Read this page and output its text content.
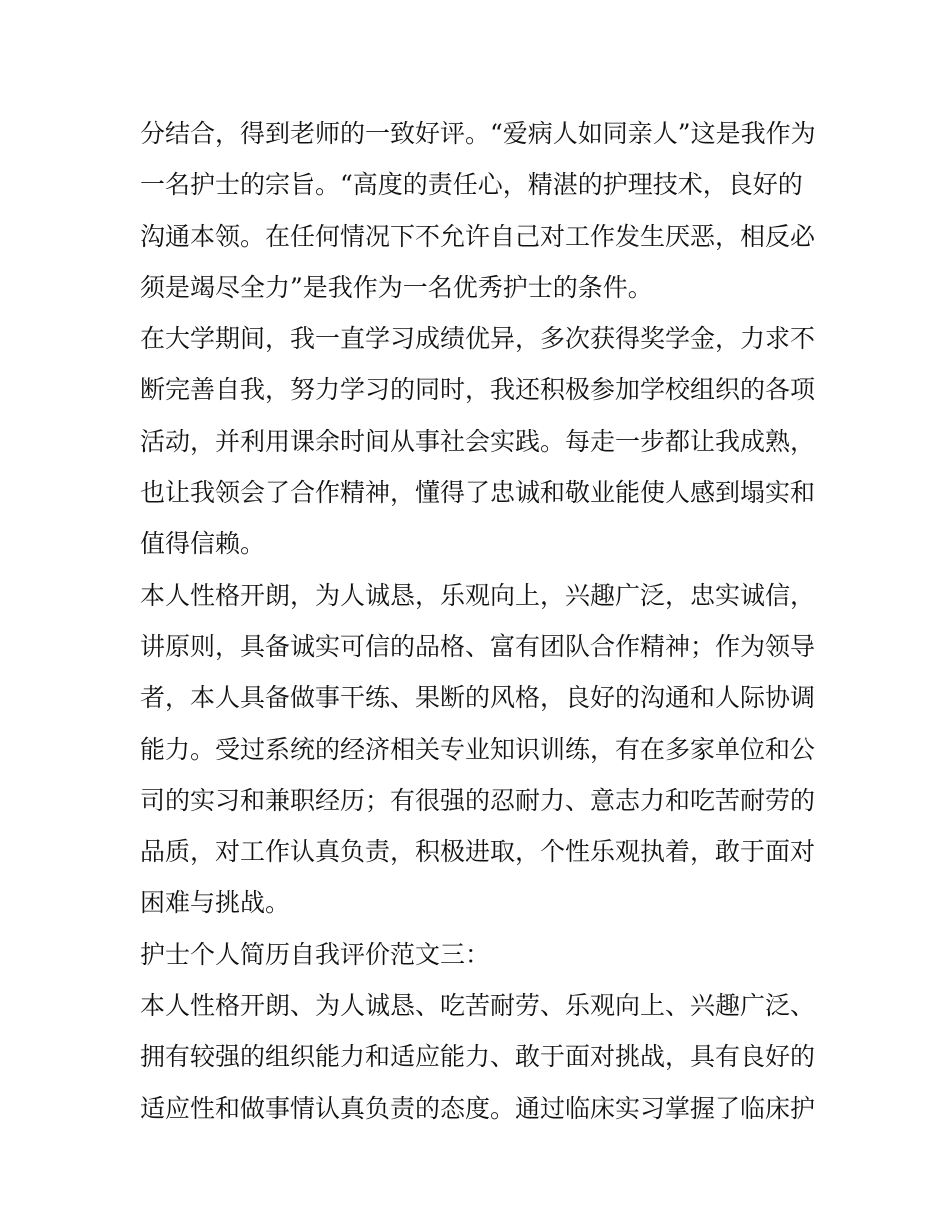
分结合，得到老师的一致好评。“爱病人如同亲人”这是我作为
一名护士的宗旨。“高度的责任心，精湛的护理技术，良好的
沟通本领。在任何情况下不允许自己对工作发生厌恶，相反必
须是竭尽全力”是我作为一名优秀护士的条件。
在大学期间，我一直学习成绩优异，多次获得奖学金，力求不
断完善自我，努力学习的同时，我还积极参加学校组织的各项
活动，并利用课余时间从事社会实践。每走一步都让我成熟，
也让我领会了合作精神，懂得了忠诚和敬业能使人感到塌实和
值得信赖。
本人性格开朗，为人诚恳，乐观向上，兴趣广泛，忠实诚信，
讲原则，具备诚实可信的品格、富有团队合作精神；作为领导
者，本人具备做事干练、果断的风格，良好的沟通和人际协调
能力。受过系统的经济相关专业知识训练，有在多家单位和公
司的实习和兼职经历；有很强的忍耐力、意志力和吃苦耐劳的
品质，对工作认真负责，积极进取，个性乐观执着，敢于面对
困难与挑战。
护士个人简历自我评价范文三：
本人性格开朗、为人诚恳、吃苦耐劳、乐观向上、兴趣广泛、
拥有较强的组织能力和适应能力、敢于面对挑战，具有良好的
适应性和做事情认真负责的态度。通过临床实习掌握了临床护
